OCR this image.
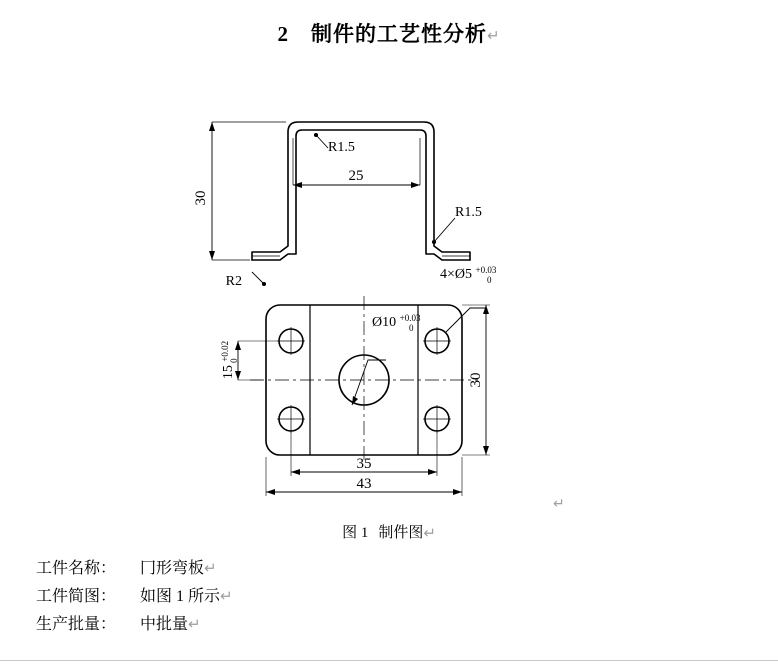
2 制件的工艺性分析↵
30
25
R1.5
R1.5
R2	4×Ø5 $^{+0.03}$ 0
Ø10 $^{+0.03}$ 0
15 $^{+0.02}$0
30
35
43
图 1 制件图↵
工件名称： 冂形弯板↵
工件简图： 如图 1 所示↵
生产批量： 中批量↵
↵
